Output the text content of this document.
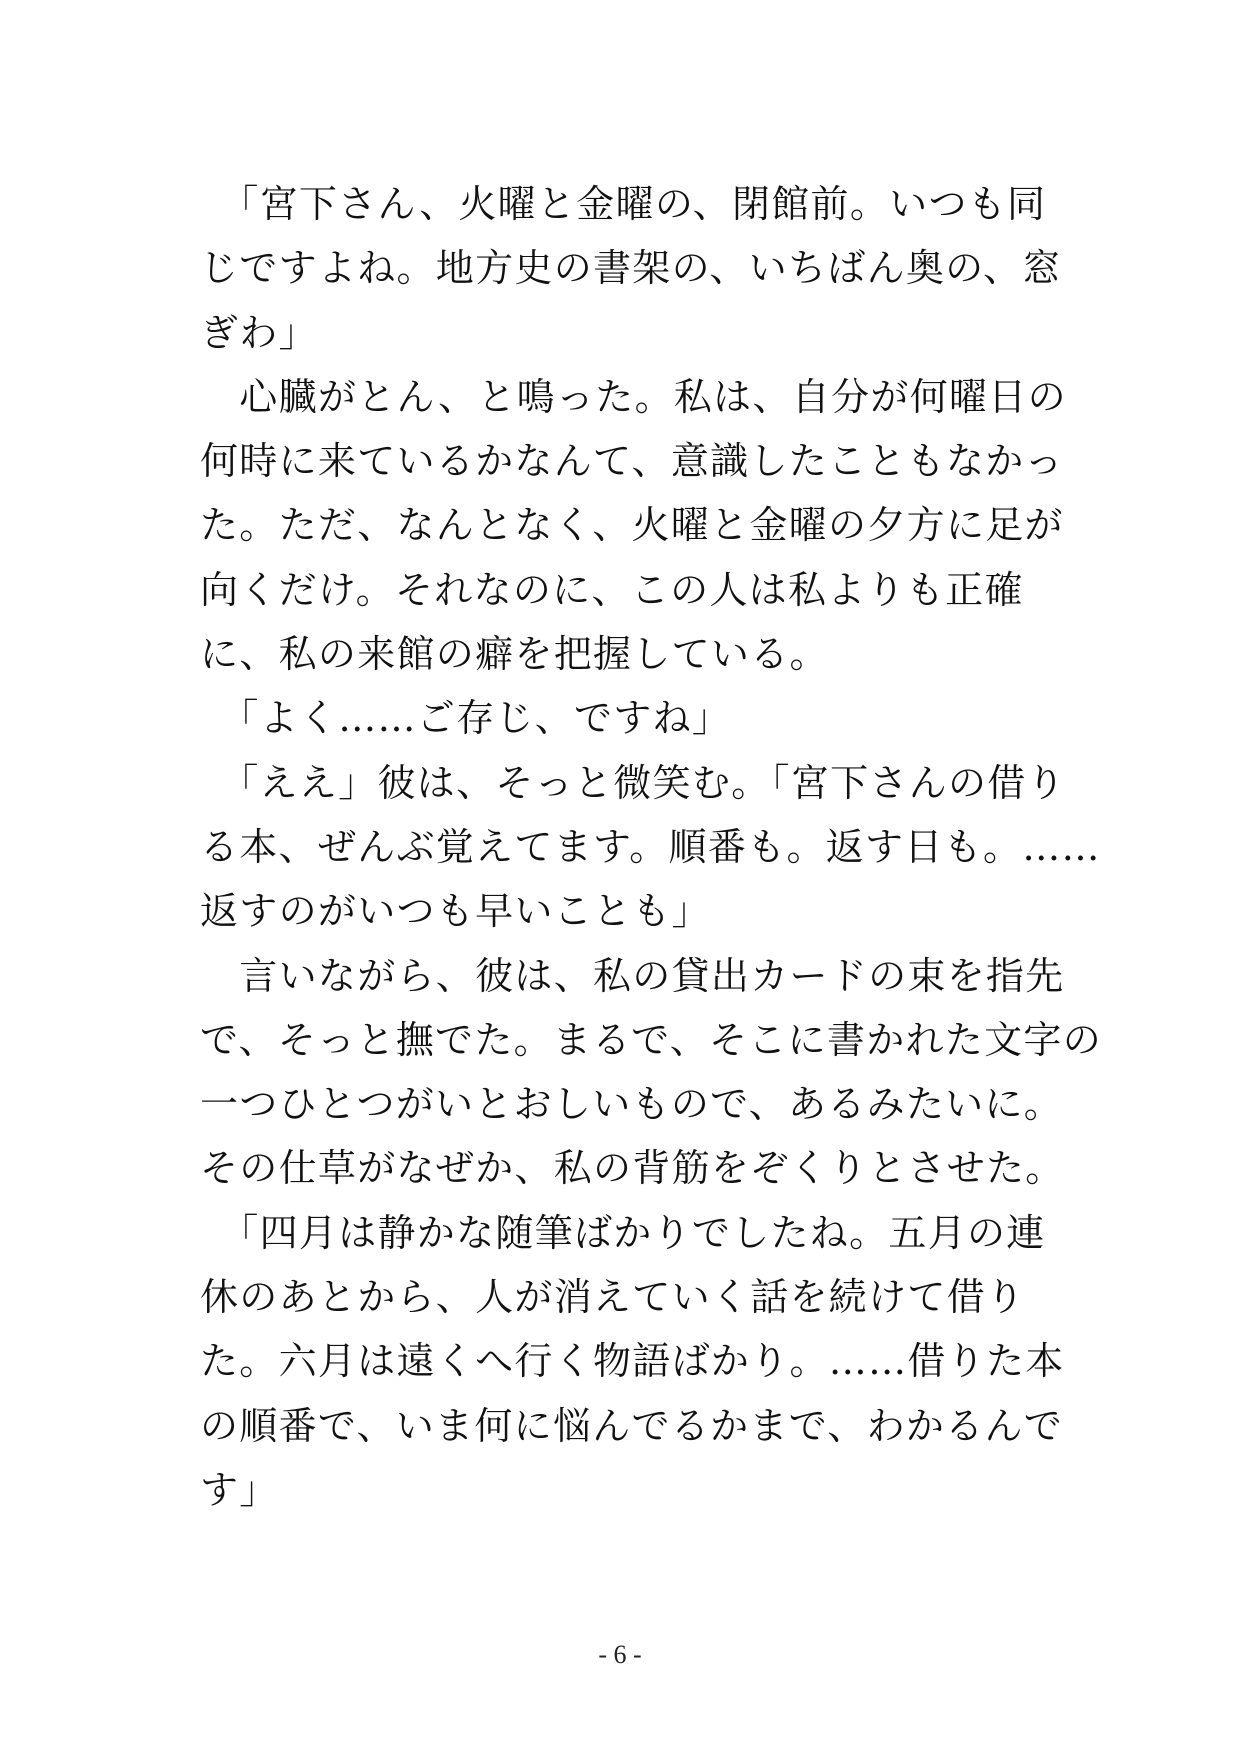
　「宮下さん、火曜と金曜の、閉館前。いつも同
じですよね。地方史の書架の、いちばん奥の、窓
ぎわ」

　心臓がとん、と鳴った。私は、自分が何曜日の
何時に来ているかなんて、意識したこともなかっ
た。ただ、なんとなく、火曜と金曜の夕方に足が
向くだけ。それなのに、この人は私よりも正確
に、私の来館の癖を把握している。

　「よく……ご存じ、ですね」

　「ええ」彼は、そっと微笑む。「宮下さんの借り
る本、ぜんぶ覚えてます。順番も。返す日も。……
返すのがいつも早いことも」

　言いながら、彼は、私の貸出カードの束を指先
で、そっと撫でた。まるで、そこに書かれた文字の
一つひとつがいとおしいもので、あるみたいに。
その仕草がなぜか、私の背筋をぞくりとさせた。

　「四月は静かな随筆ばかりでしたね。五月の連
休のあとから、人が消えていく話を続けて借り
た。六月は遠くへ行く物語ばかり。……借りた本
の順番で、いま何に悩んでるかまで、わかるんで
す」

- 6 -
